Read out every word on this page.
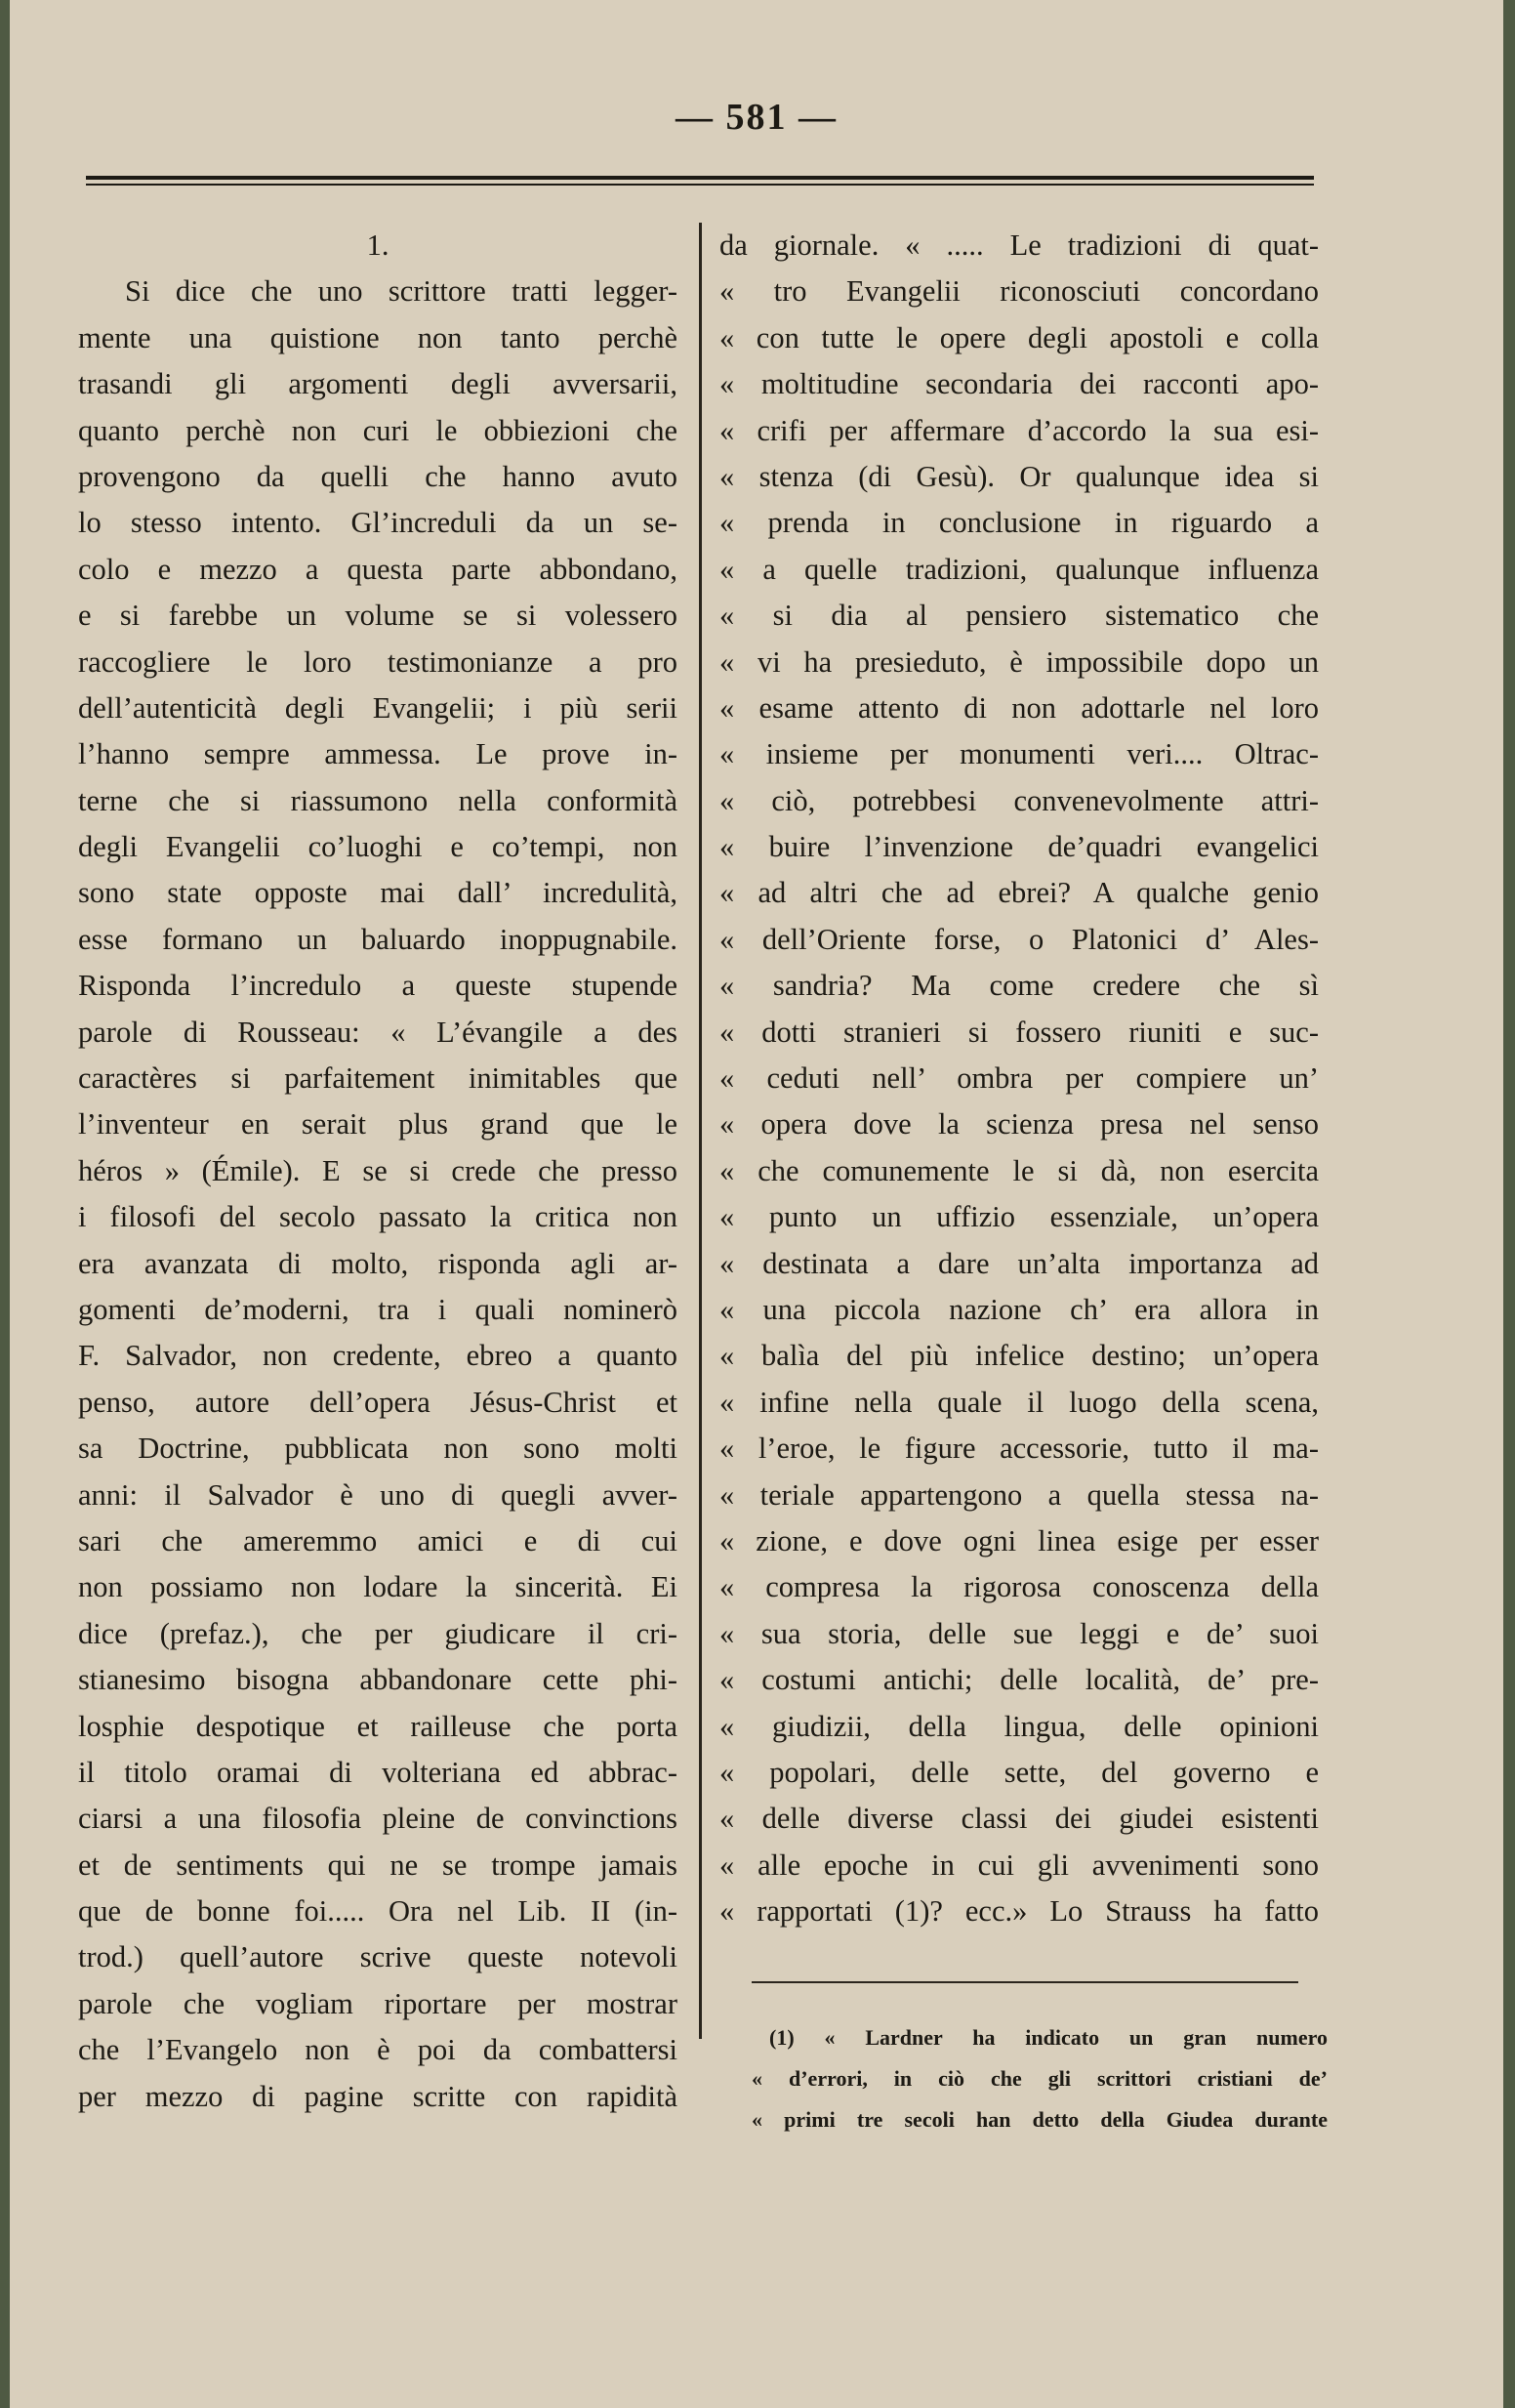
— 581 —
1.
Si dice che uno scrittore tratti legger-
mente una quistione non tanto perchè
trasandi gli argomenti degli avversarii,
quanto perchè non curi le obbiezioni che
provengono da quelli che hanno avuto
lo stesso intento. Gl’increduli da un se-
colo e mezzo a questa parte abbondano,
e si farebbe un volume se si volessero
raccogliere le loro testimonianze a pro
dell’autenticità degli Evangelii; i più serii
l’hanno sempre ammessa. Le prove in-
terne che si riassumono nella conformità
degli Evangelii co’luoghi e co’tempi, non
sono state opposte mai dall’ incredulità,
esse formano un baluardo inoppugnabile.
Risponda l’incredulo a queste stupende
parole di Rousseau: « L’évangile a des
caractères si parfaitement inimitables que
l’inventeur en serait plus grand que le
héros » (Émile). E se si crede che presso
i filosofi del secolo passato la critica non
era avanzata di molto, risponda agli ar-
gomenti de’moderni, tra i quali nominerò
F. Salvador, non credente, ebreo a quanto
penso, autore dell’opera Jésus-Christ et
sa Doctrine, pubblicata non sono molti
anni: il Salvador è uno di quegli avver-
sari che ameremmo amici e di cui
non possiamo non lodare la sincerità. Ei
dice (prefaz.), che per giudicare il cri-
stianesimo bisogna abbandonare cette phi-
losphie despotique et railleuse che porta
il titolo oramai di volteriana ed abbrac-
ciarsi a una filosofia pleine de convinctions
et de sentiments qui ne se trompe jamais
que de bonne foi..... Ora nel Lib. II (in-
trod.) quell’autore scrive queste notevoli
parole che vogliam riportare per mostrar
che l’Evangelo non è poi da combattersi
per mezzo di pagine scritte con rapidità
da giornale. « ..... Le tradizioni di quat-
« tro Evangelii riconosciuti concordano
« con tutte le opere degli apostoli e colla
« moltitudine secondaria dei racconti apo-
« crifi per affermare d’accordo la sua esi-
« stenza (di Gesù). Or qualunque idea si
« prenda in conclusione in riguardo a
« a quelle tradizioni, qualunque influenza
« si dia al pensiero sistematico che
« vi ha presieduto, è impossibile dopo un
« esame attento di non adottarle nel loro
« insieme per monumenti veri.... Oltrac-
« ciò, potrebbesi convenevolmente attri-
« buire l’invenzione de’quadri evangelici
« ad altri che ad ebrei? A qualche genio
« dell’Oriente forse, o Platonici d’ Ales-
« sandria? Ma come credere che sì
« dotti stranieri si fossero riuniti e suc-
« ceduti nell’ ombra per compiere un’
« opera dove la scienza presa nel senso
« che comunemente le si dà, non esercita
« punto un uffizio essenziale, un’opera
« destinata a dare un’alta importanza ad
« una piccola nazione ch’ era allora in
« balìa del più infelice destino; un’opera
« infine nella quale il luogo della scena,
« l’eroe, le figure accessorie, tutto il ma-
« teriale appartengono a quella stessa na-
« zione, e dove ogni linea esige per esser
« compresa la rigorosa conoscenza della
« sua storia, delle sue leggi e de’ suoi
« costumi antichi; delle località, de’ pre-
« giudizii, della lingua, delle opinioni
« popolari, delle sette, del governo e
« delle diverse classi dei giudei esistenti
« alle epoche in cui gli avvenimenti sono
« rapportati (1)? ecc.» Lo Strauss ha fatto
(1) « Lardner ha indicato un gran numero
« d’errori, in ciò che gli scrittori cristiani de’
« primi tre secoli han detto della Giudea durante
